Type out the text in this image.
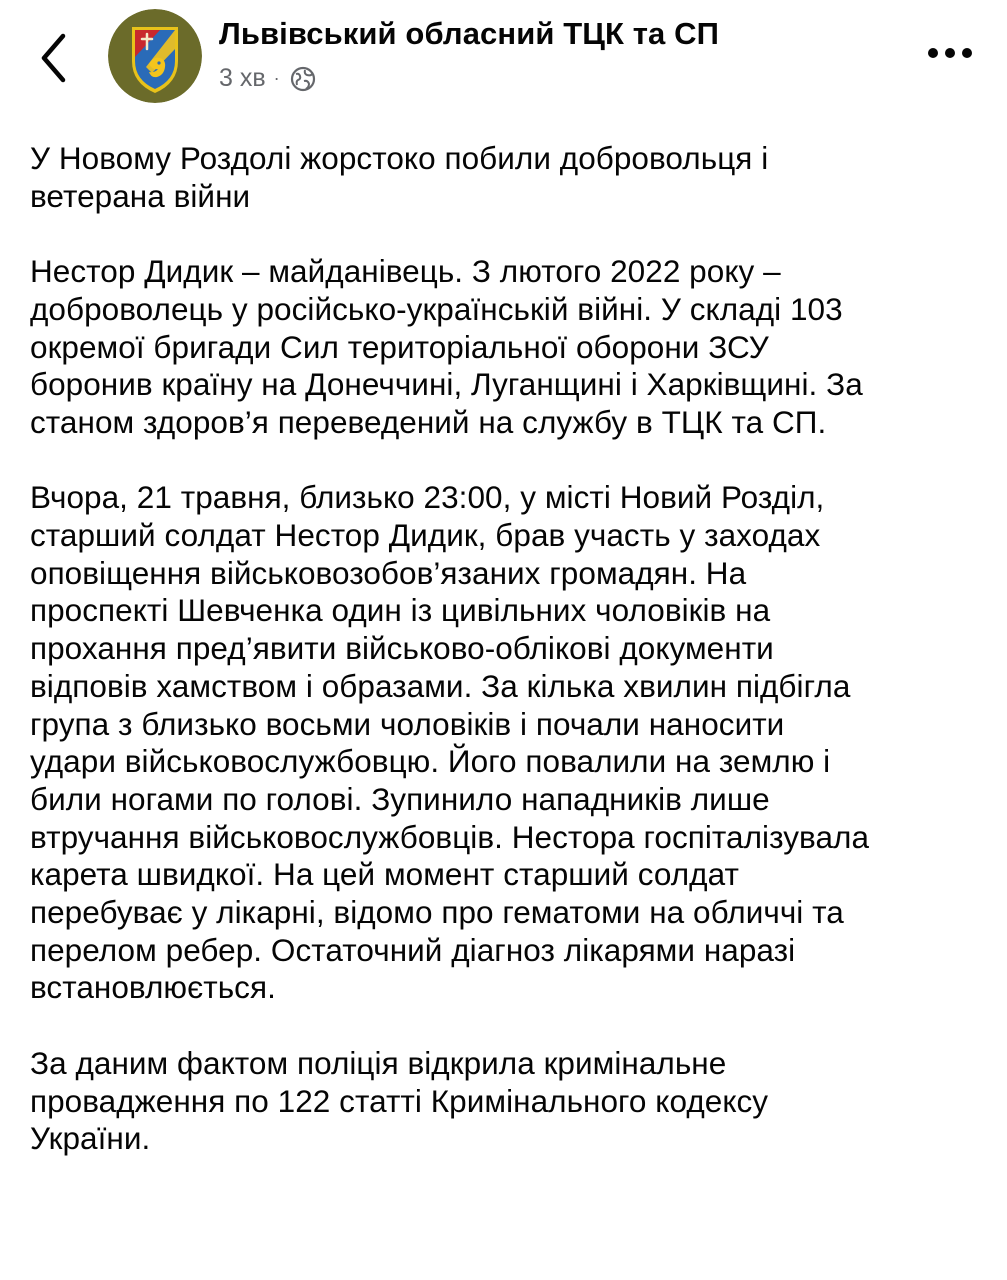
Львівський обласний ТЦК та СП
3 хв ·

У Новому Роздолі жорстоко побили добровольця і
ветерана війни

Нестор Дидик – майданівець. З лютого 2022 року –
доброволець у російсько-українській війні. У складі 103
окремої бригади Сил територіальної оборони ЗСУ
боронив країну на Донеччині, Луганщині і Харківщині. За
станом здоров’я переведений на службу в ТЦК та СП.

Вчора, 21 травня, близько 23:00, у місті Новий Розділ,
старший солдат Нестор Дидик, брав участь у заходах
оповіщення військовозобов’язаних громадян. На
проспекті Шевченка один із цивільних чоловіків на
прохання пред’явити військово-облікові документи
відповів хамством і образами. За кілька хвилин підбігла
група з близько восьми чоловіків і почали наносити
удари військовослужбовцю. Його повалили на землю і
били ногами по голові. Зупинило нападників лише
втручання військовослужбовців. Нестора госпіталізувала
карета швидкої. На цей момент старший солдат
перебуває у лікарні, відомо про гематоми на обличчі та
перелом ребер. Остаточний діагноз лікарями наразі
встановлюється.

За даним фактом поліція відкрила кримінальне
провадження по 122 статті Кримінального кодексу
України.
